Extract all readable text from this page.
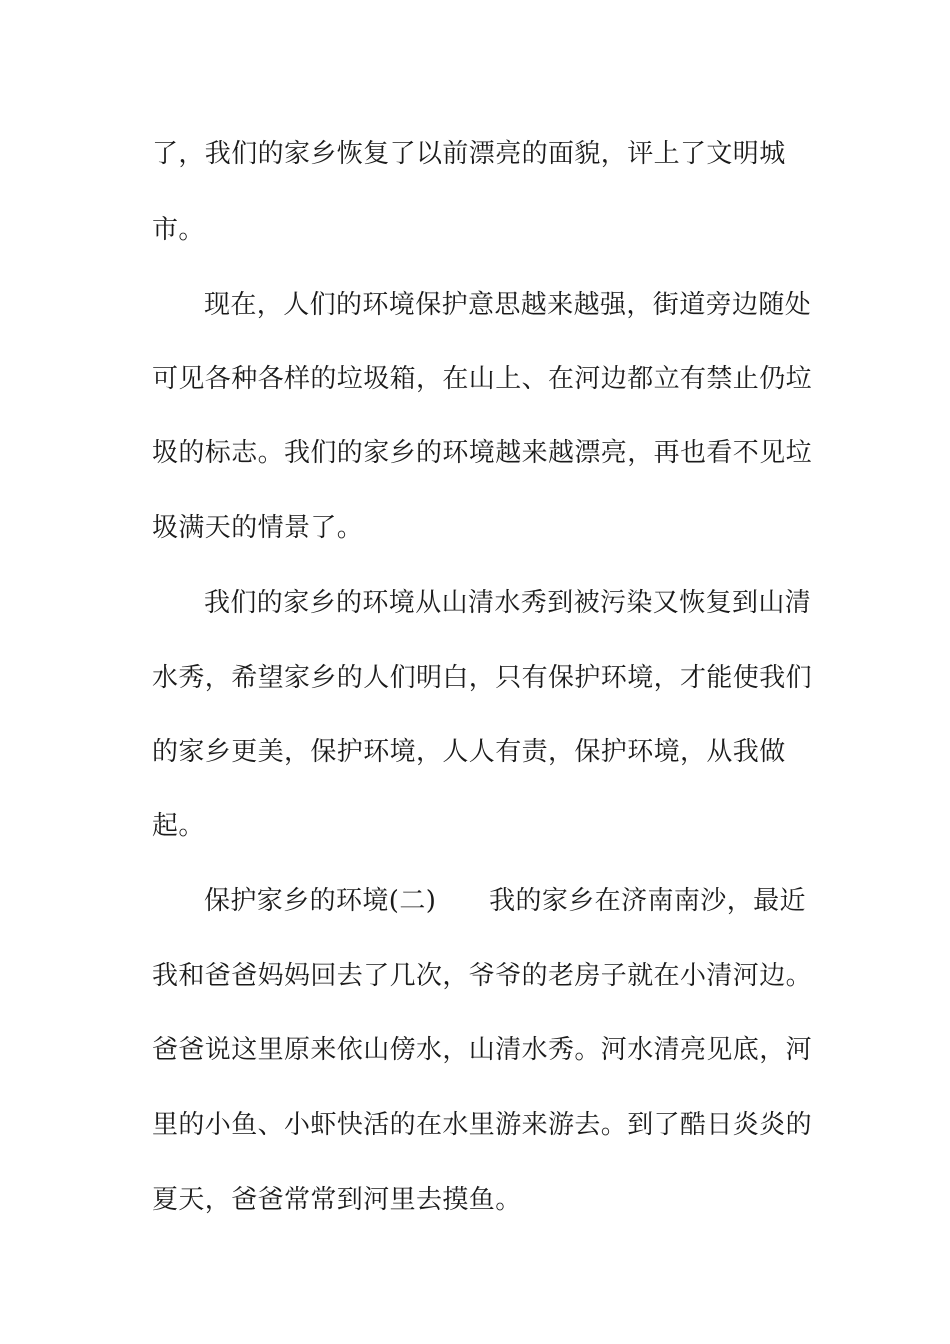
了，我们的家乡恢复了以前漂亮的面貌，评上了文明城
市。
现在，人们的环境保护意思越来越强，街道旁边随处
可见各种各样的垃圾箱，在山上、在河边都立有禁止仍垃
圾的标志。我们的家乡的环境越来越漂亮，再也看不见垃
圾满天的情景了。
我们的家乡的环境从山清水秀到被污染又恢复到山清
水秀，希望家乡的人们明白，只有保护环境，才能使我们
的家乡更美，保护环境，人人有责，保护环境，从我做
起。
保护家乡的环境(二)　　我的家乡在济南南沙，最近
我和爸爸妈妈回去了几次，爷爷的老房子就在小清河边。
爸爸说这里原来依山傍水，山清水秀。河水清亮见底，河
里的小鱼、小虾快活的在水里游来游去。到了酷日炎炎的
夏天，爸爸常常到河里去摸鱼。
